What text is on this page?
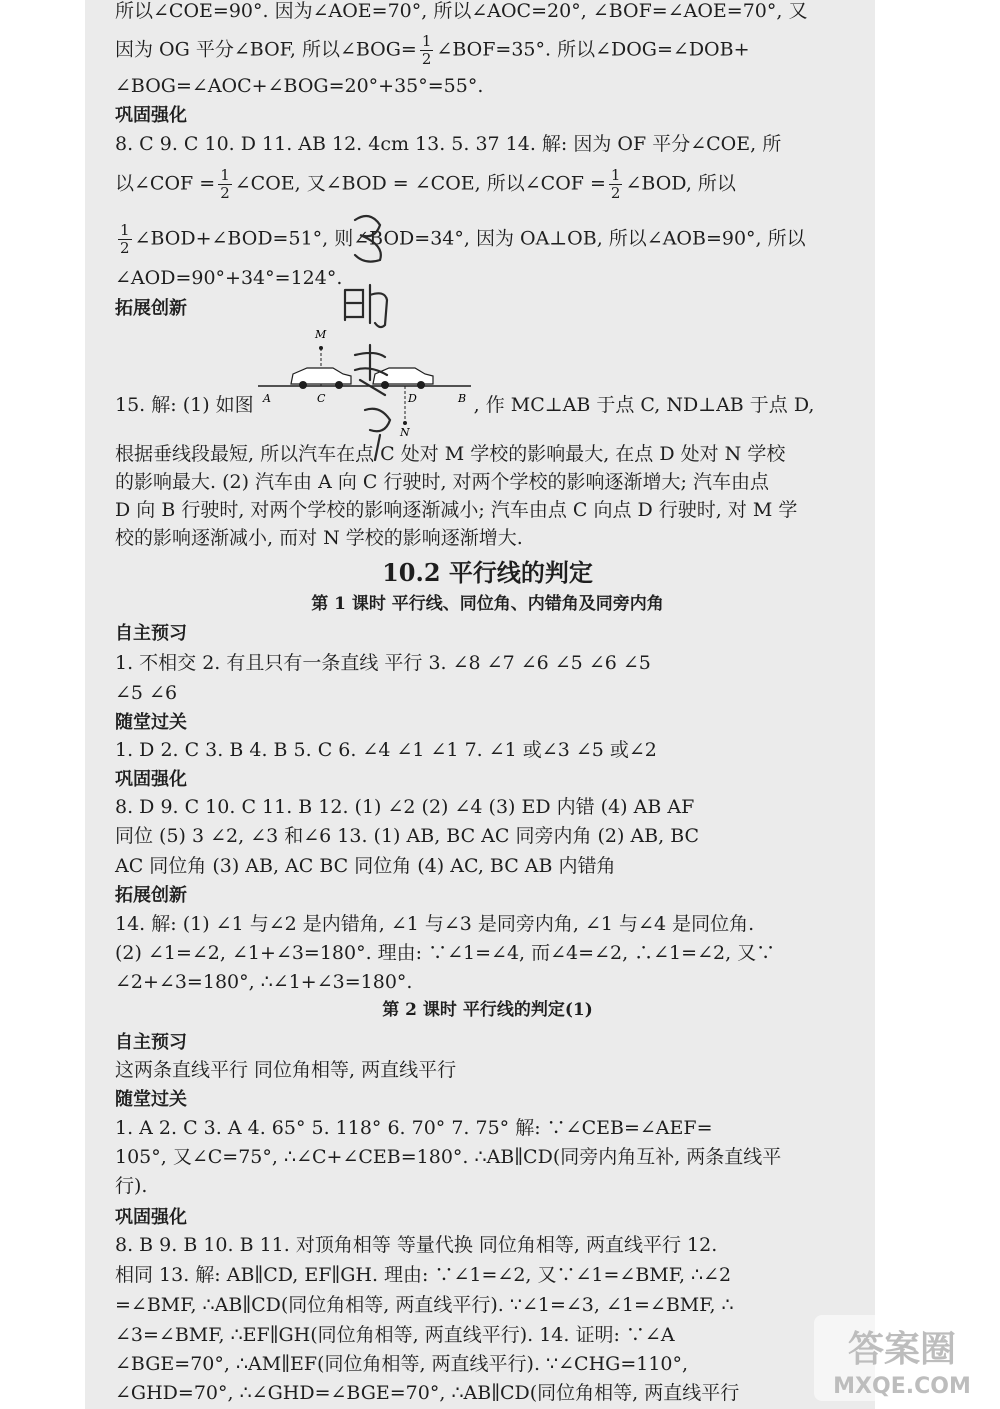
所以∠COE=90°. 因为∠AOE=70°, 所以∠AOC=20°, ∠BOF=∠AOE=70°, 又
因为 OG 平分∠BOF, 所以∠BOG= $\frac{1}{2}$ ∠BOF=35°. 所以∠DOG=∠DOB+
∠BOG=∠AOC+∠BOG=20°+35°=55°.
巩固强化
8. C 9. C 10. D 11. AB 12. 4cm 13. 5. 37 14. 解: 因为 OF 平分∠COE, 所
以∠COF = $\frac{1}{2}$ ∠COE, 又∠BOD = ∠COE, 所以∠COF = $\frac{1}{2}$ ∠BOD, 所以
$\frac{1}{2}$ ∠BOD+∠BOD=51°, 则∠BOD=34°, 因为 OA⊥OB, 所以∠AOB=90°, 所以
∠AOD=90°+34°=124°.
拓展创新
15. 解: (1) 如图	, 作 MC⊥AB 于点 C, ND⊥AB 于点 D,
M
N
A	C	D	B
根据垂线段最短, 所以汽车在点 C 处对 M 学校的影响最大, 在点 D 处对 N 学校
的影响最大. (2) 汽车由 A 向 C 行驶时, 对两个学校的影响逐渐增大; 汽车由点
D 向 B 行驶时, 对两个学校的影响逐渐减小; 汽车由点 C 向点 D 行驶时, 对 M 学
校的影响逐渐减小, 而对 N 学校的影响逐渐增大.
10.2 平行线的判定
第 1 课时 平行线、同位角、内错角及同旁内角
自主预习
1. 不相交 2. 有且只有一条直线 平行 3. ∠8 ∠7 ∠6 ∠5 ∠6 ∠5
∠5 ∠6
随堂过关
1. D 2. C 3. B 4. B 5. C 6. ∠4 ∠1 ∠1 7. ∠1 或∠3 ∠5 或∠2
巩固强化
8. D 9. C 10. C 11. B 12. (1) ∠2 (2) ∠4 (3) ED 内错 (4) AB AF
同位 (5) 3 ∠2, ∠3 和∠6 13. (1) AB, BC AC 同旁内角 (2) AB, BC
AC 同位角 (3) AB, AC BC 同位角 (4) AC, BC AB 内错角
拓展创新
14. 解: (1) ∠1 与∠2 是内错角, ∠1 与∠3 是同旁内角, ∠1 与∠4 是同位角.
(2) ∠1=∠2, ∠1+∠3=180°. 理由: ∵∠1=∠4, 而∠4=∠2, ∴∠1=∠2, 又∵
∠2+∠3=180°, ∴∠1+∠3=180°.
第 2 课时 平行线的判定(1)
自主预习
这两条直线平行 同位角相等, 两直线平行
随堂过关
1. A 2. C 3. A 4. 65° 5. 118° 6. 70° 7. 75° 解: ∵∠CEB=∠AEF=
105°, 又∠C=75°, ∴∠C+∠CEB=180°. ∴AB∥CD(同旁内角互补, 两条直线平
行).
巩固强化
8. B 9. B 10. B 11. 对顶角相等 等量代换 同位角相等, 两直线平行 12.
相同 13. 解: AB∥CD, EF∥GH. 理由: ∵∠1=∠2, 又∵∠1=∠BMF, ∴∠2
=∠BMF, ∴AB∥CD(同位角相等, 两直线平行). ∵∠1=∠3, ∠1=∠BMF, ∴
∠3=∠BMF, ∴EF∥GH(同位角相等, 两直线平行). 14. 证明: ∵∠A
∠BGE=70°, ∴AM∥EF(同位角相等, 两直线平行). ∵∠CHG=110°,
∠GHD=70°, ∴∠GHD=∠BGE=70°, ∴AB∥CD(同位角相等, 两直线平行
答案圈
MXQE.COM
